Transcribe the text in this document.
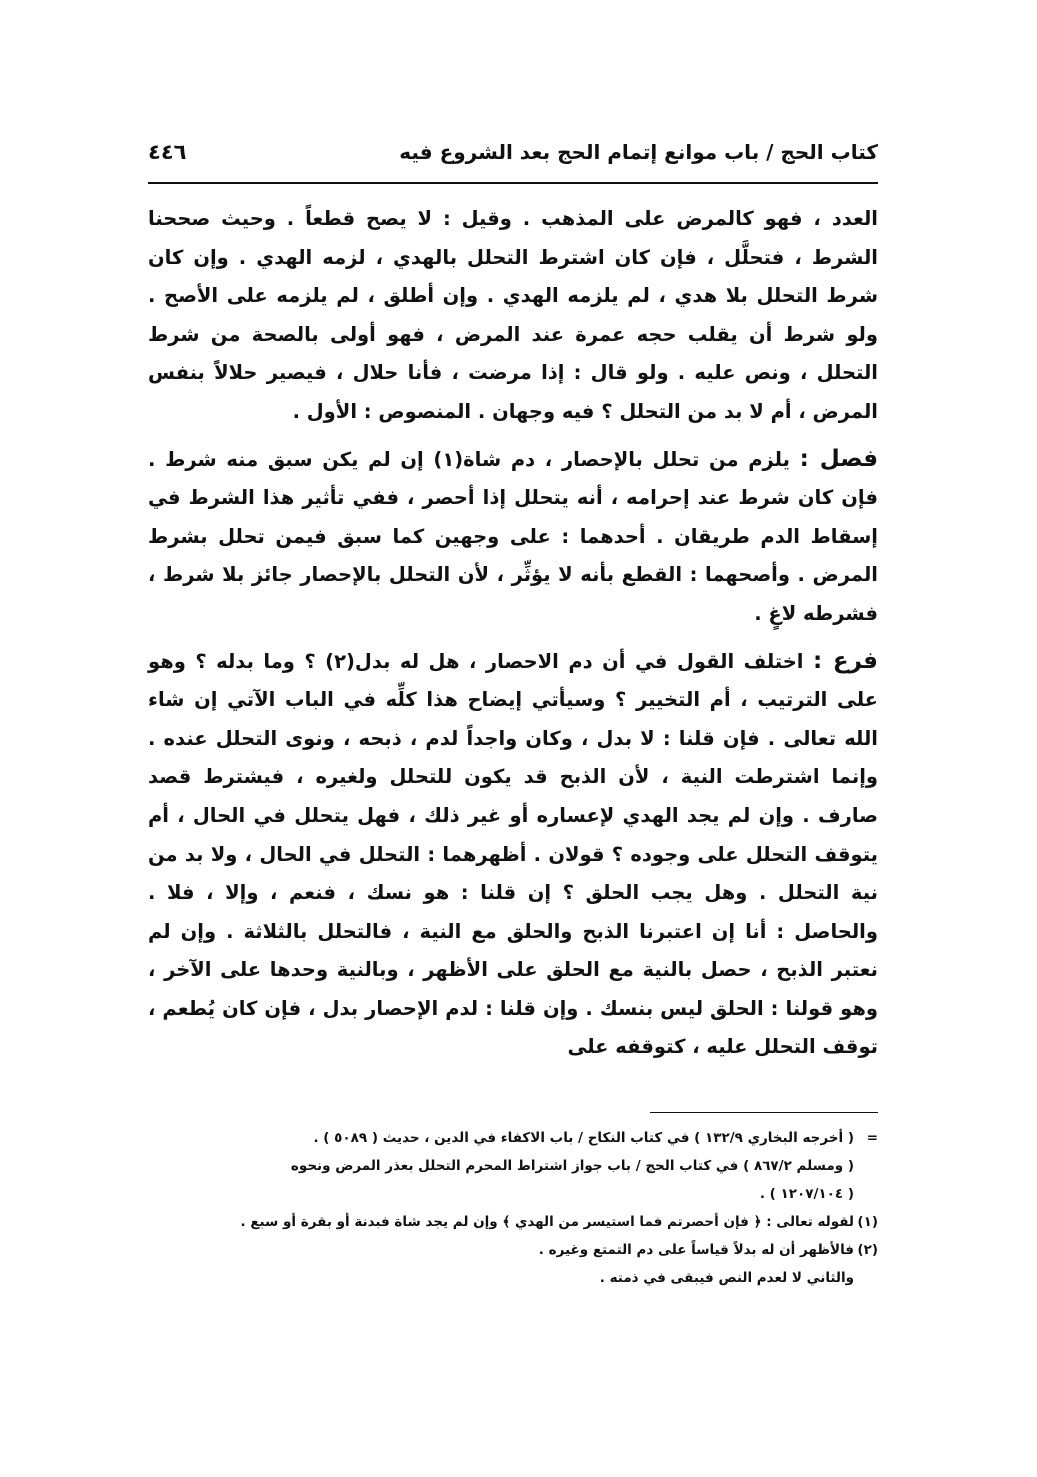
كتاب الحج / باب موانع إتمام الحج بعد الشروع فيه
٤٤٦

العدد ، فهو كالمرض على المذهب . وقيل : لا يصح قطعاً . وحيث صححنا الشرط ، فتحلَّل ، فإن كان اشترط التحلل بالهدي ، لزمه الهدي . وإن كان شرط التحلل بلا هدي ، لم يلزمه الهدي . وإن أطلق ، لم يلزمه على الأصح . ولو شرط أن يقلب حجه عمرة عند المرض ، فهو أولى بالصحة من شرط التحلل ، ونص عليه . ولو قال : إذا مرضت ، فأنا حلال ، فيصير حلالاً بنفس المرض ، أم لا بد من التحلل ؟ فيه وجهان . المنصوص : الأول .

فصل : يلزم من تحلل بالإحصار ، دم شاة(١) إن لم يكن سبق منه شرط . فإن كان شرط عند إحرامه ، أنه يتحلل إذا أحصر ، ففي تأثير هذا الشرط في إسقاط الدم طريقان . أحدهما : على وجهين كما سبق فيمن تحلل بشرط المرض . وأصحهما : القطع بأنه لا يؤثِّر ، لأن التحلل بالإحصار جائز بلا شرط ، فشرطه لاغٍ .

فرع : اختلف القول في أن دم الاحصار ، هل له بدل(٢) ؟ وما بدله ؟ وهو على الترتيب ، أم التخيير ؟ وسيأتي إيضاح هذا كلِّه في الباب الآتي إن شاء الله تعالى . فإن قلنا : لا بدل ، وكان واجداً لدم ، ذبحه ، ونوى التحلل عنده . وإنما اشترطت النية ، لأن الذبح قد يكون للتحلل ولغيره ، فيشترط قصد صارف . وإن لم يجد الهدي لإعساره أو غير ذلك ، فهل يتحلل في الحال ، أم يتوقف التحلل على وجوده ؟ قولان . أظهرهما : التحلل في الحال ، ولا بد من نية التحلل . وهل يجب الحلق ؟ إن قلنا : هو نسك ، فنعم ، وإلا ، فلا . والحاصل : أنا إن اعتبرنا الذبح والحلق مع النية ، فالتحلل بالثلاثة . وإن لم نعتبر الذبح ، حصل بالنية مع الحلق على الأظهر ، وبالنية وحدها على الآخر ، وهو قولنا : الحلق ليس بنسك . وإن قلنا : لدم الإحصار بدل ، فإن كان يُطعم ، توقف التحلل عليه ، كتوقفه على

=( أخرجه البخاري ١٣٢/٩ ) في كتاب النكاح / باب الاكفاء في الدين ، حديث ( ٥٠٨٩ ) .
( ومسلم ٨٦٧/٢ ) في كتاب الحج / باب جواز اشتراط المحرم التحلل بعذر المرض ونحوه
( ١٢٠٧/١٠٤ ) .
(١)لقوله تعالى : ﴿ فإن أحصرتم فما استيسر من الهدي ﴾ وإن لم يجد شاة فبدنة أو بقرة أو سبع .
(٢)فالأظهر أن له بدلاً قياساً على دم التمتع وغيره .
والثاني لا لعدم النص فيبقى في ذمته .
